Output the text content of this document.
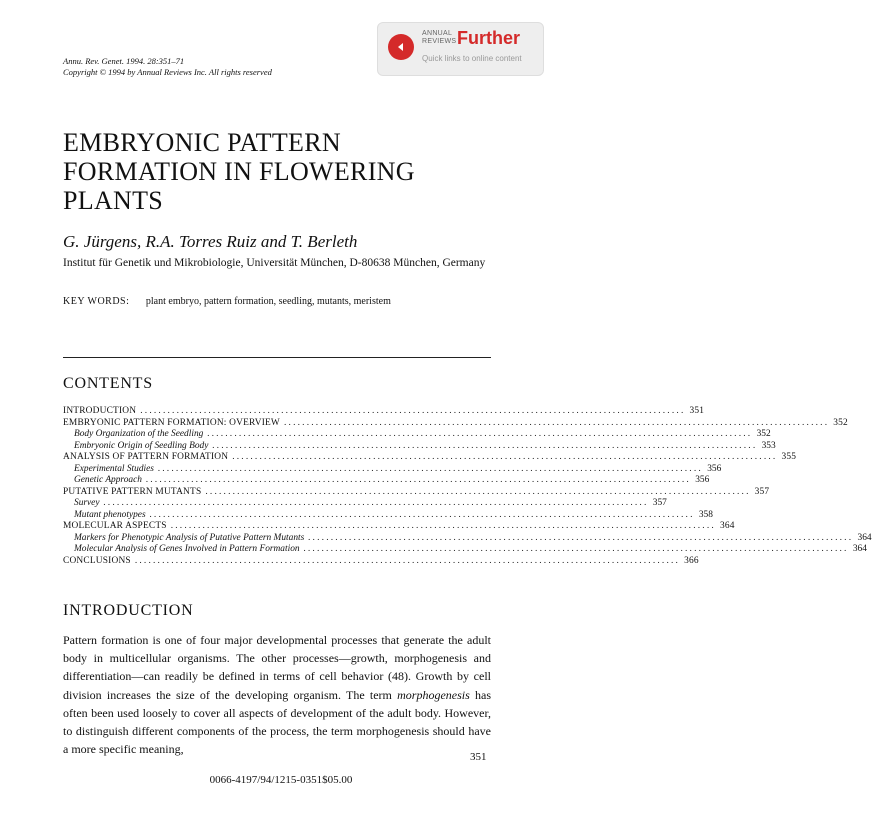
Annu. Rev. Genet. 1994. 28:351–71
Copyright © 1994 by Annual Reviews Inc. All rights reserved
ANNUAL
REVIEWS Further
Quick links to online content
EMBRYONIC PATTERN FORMATION IN FLOWERING PLANTS
G. Jürgens, R.A. Torres Ruiz and T. Berleth
Institut für Genetik und Mikrobiologie, Universität München, D-80638 München, Germany
KEY WORDS: plant embryo, pattern formation, seedling, mutants, meristem
CONTENTS
INTRODUCTION ........................................................................................................................ 351
EMBRYONIC PATTERN FORMATION: OVERVIEW ........................................................................................................................ 352
Body Organization of the Seedling ........................................................................................................................ 352
Embryonic Origin of Seedling Body ........................................................................................................................ 353
ANALYSIS OF PATTERN FORMATION ........................................................................................................................ 355
Experimental Studies ........................................................................................................................ 356
Genetic Approach ........................................................................................................................ 356
PUTATIVE PATTERN MUTANTS ........................................................................................................................ 357
Survey ........................................................................................................................ 357
Mutant phenotypes ........................................................................................................................ 358
MOLECULAR ASPECTS ........................................................................................................................ 364
Markers for Phenotypic Analysis of Putative Pattern Mutants ........................................................................................................................ 364
Molecular Analysis of Genes Involved in Pattern Formation ........................................................................................................................ 364
CONCLUSIONS ........................................................................................................................ 366
INTRODUCTION
Pattern formation is one of four major developmental processes that generate the adult body in multicellular organisms. The other processes—growth, morphogenesis and differentiation—can readily be defined in terms of cell behavior (48). Growth by cell division increases the size of the developing organism. The term morphogenesis has often been used loosely to cover all aspects of development of the adult body. However, to distinguish different components of the process, the term morphogenesis should have a more specific meaning,
351
0066-4197/94/1215-0351$05.00
